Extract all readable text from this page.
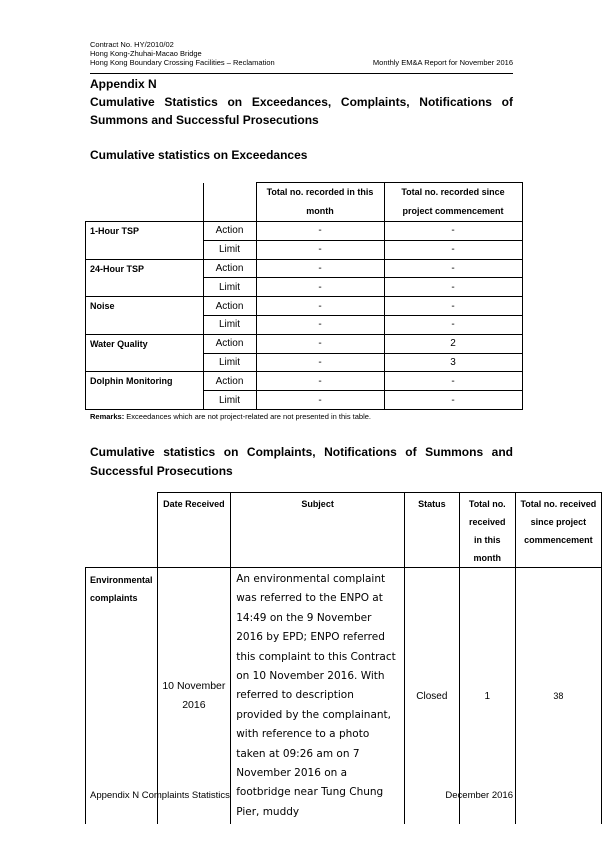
Contract No. HY/2010/02
Hong Kong-Zhuhai-Macao Bridge
Hong Kong Boundary Crossing Facilities – Reclamation	Monthly EM&A Report for November 2016
Appendix N
Cumulative Statistics on Exceedances, Complaints, Notifications of
Summons and Successful Prosecutions
Cumulative statistics on Exceedances
		Total no. recorded in this month	Total no. recorded since project commencement
1-Hour TSP	Action	-	-
	Limit	-	-
24-Hour TSP	Action	-	-
	Limit	-	-
Noise	Action	-	-
	Limit	-	-
Water Quality	Action	-	2
	Limit	-	3
Dolphin Monitoring	Action	-	-
	Limit	-	-
Remarks: Exceedances which are not project-related are not presented in this table.
Cumulative statistics on Complaints, Notifications of Summons and
Successful Prosecutions
	Date Received	Subject	Status	Total no. received in this month	Total no. received since project commencement
Environmental complaints	10 November 2016	An environmental complaint was referred to the ENPO at 14:49 on the 9 November 2016 by EPD; ENPO referred this complaint to this Contract on 10 November 2016. With referred to description provided by the complainant, with reference to a photo taken at 09:26 am on 7 November 2016 on a footbridge near Tung Chung Pier, muddy	Closed	1	38
Appendix N Complaints Statistics	December 2016
